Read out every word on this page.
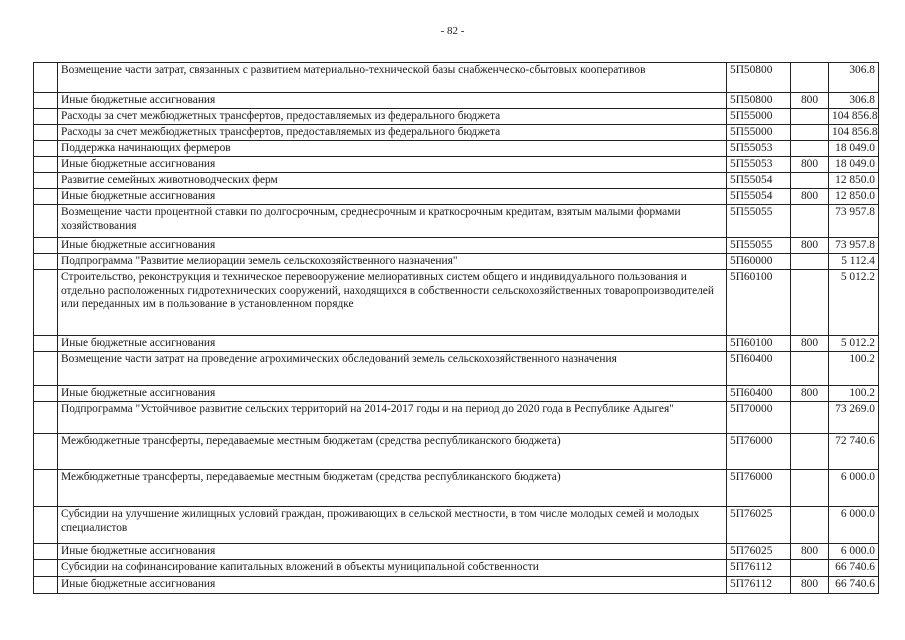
- 82 -
	Возмещение части затрат, связанных с развитием материально-технической базы снабженческо-сбытовых кооперативов	5П50800		306.8
	Иные бюджетные ассигнования	5П50800	800	306.8
	Расходы за счет межбюджетных трансфертов, предоставляемых из федерального бюджета	5П55000		104 856.8
	Расходы за счет межбюджетных трансфертов, предоставляемых из федерального бюджета	5П55000		104 856.8
	Поддержка начинающих фермеров	5П55053		18 049.0
	Иные бюджетные ассигнования	5П55053	800	18 049.0
	Развитие семейных животноводческих ферм	5П55054		12 850.0
	Иные бюджетные ассигнования	5П55054	800	12 850.0
	Возмещение части процентной ставки по долгосрочным, среднесрочным и краткосрочным кредитам, взятым малыми формами хозяйствования	5П55055		73 957.8
	Иные бюджетные ассигнования	5П55055	800	73 957.8
	Подпрограмма "Развитие мелиорации земель сельскохозяйственного назначения"	5П60000		5 112.4
	Строительство, реконструкция и техническое перевооружение мелиоративных систем общего и индивидуального пользования и отдельно расположенных гидротехнических сооружений, находящихся в собственности сельскохозяйственных товаропроизводителей или переданных им в пользование в установленном порядке	5П60100		5 012.2
	Иные бюджетные ассигнования	5П60100	800	5 012.2
	Возмещение части затрат на проведение агрохимических обследований земель сельскохозяйственного назначения	5П60400		100.2
	Иные бюджетные ассигнования	5П60400	800	100.2
	Подпрограмма "Устойчивое развитие сельских территорий на 2014-2017 годы и на период до 2020 года в Республике Адыгея"	5П70000		73 269.0
	Межбюджетные трансферты, передаваемые местным бюджетам (средства республиканского бюджета)	5П76000		72 740.6
	Межбюджетные трансферты, передаваемые местным бюджетам (средства республиканского бюджета)	5П76000		6 000.0
	Субсидии на улучшение жилищных условий граждан, проживающих в сельской местности, в том числе молодых семей и молодых специалистов	5П76025		6 000.0
	Иные бюджетные ассигнования	5П76025	800	6 000.0
	Субсидии на софинансирование капитальных вложений в объекты муниципальной собственности	5П76112		66 740.6
	Иные бюджетные ассигнования	5П76112	800	66 740.6
